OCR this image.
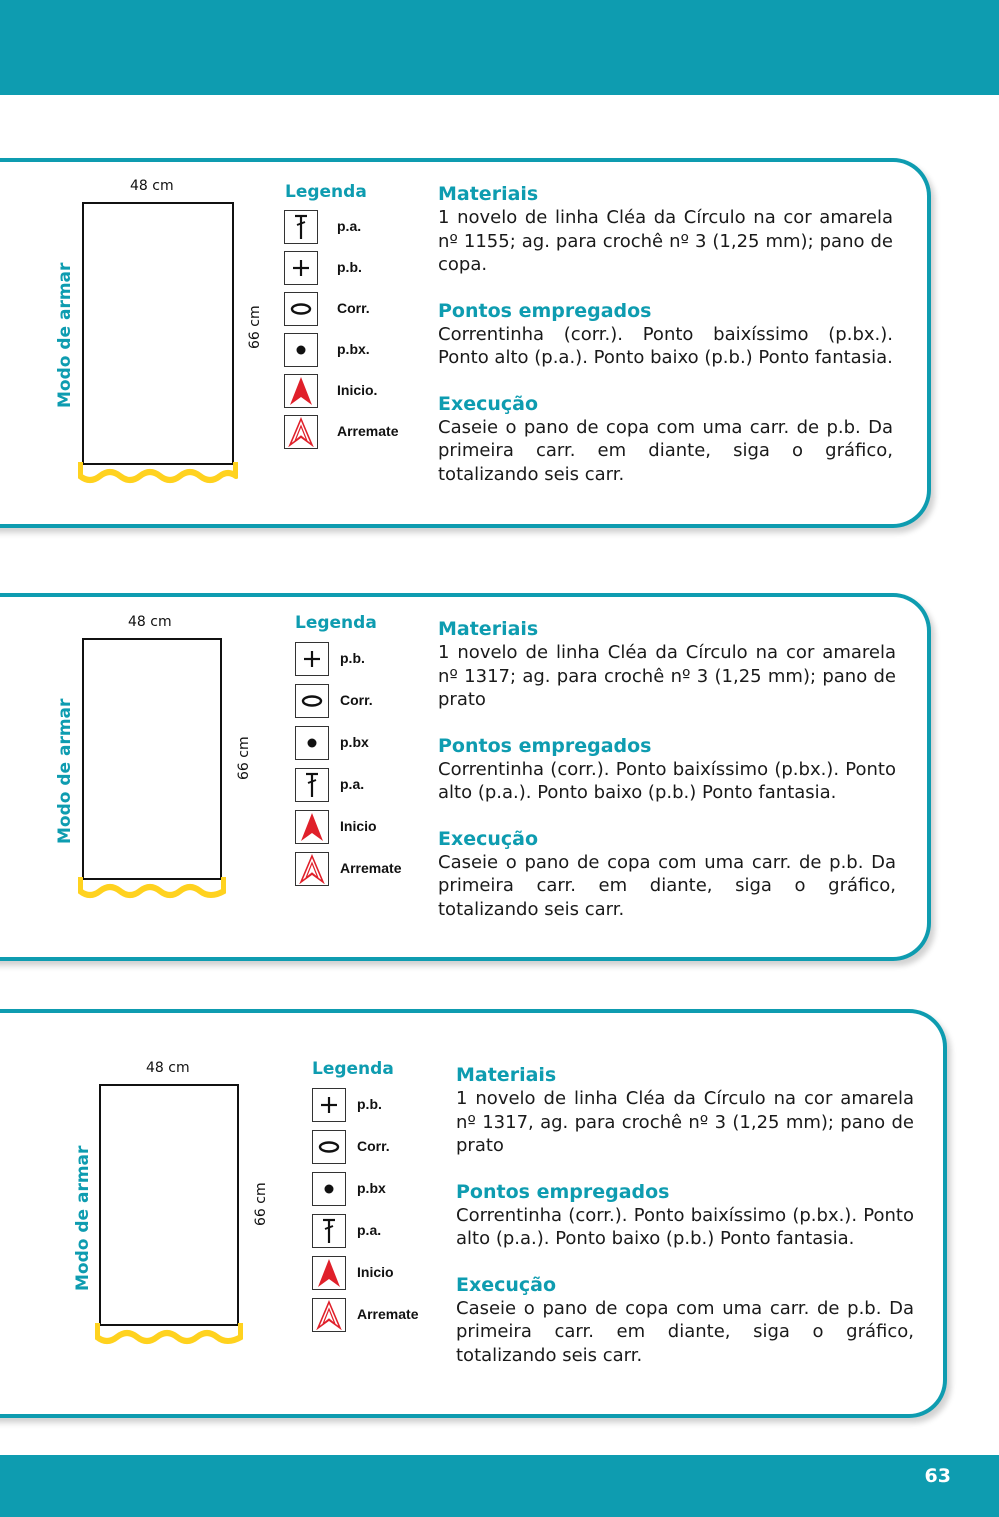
Modo de armar
48 cm
66 cm
Legenda	Materiais

1 novelo de linha Cléa da Círculo na cor amarela nº 1155; ag. para crochê nº 3 (1,25 mm); pano de copa.

Pontos empregados

Correntinha (corr.). Ponto baixíssimo (p.bx.). Ponto alto (p.a.). Ponto baixo (p.b.) Ponto fantasia.

Execução

Caseie o pano de copa com uma carr. de p.b. Da primeira carr. em diante, siga o gráfico, totalizando seis carr.

p.a.
p.b.
Corr.
p.bx.
Inicio.
Arremate
Modo de armar
48 cm
66 cm
Legenda	Materiais

1 novelo de linha Cléa da Círculo na cor amarela nº 1317; ag. para crochê nº 3 (1,25 mm); pano de prato

Pontos empregados

Correntinha (corr.). Ponto baixíssimo (p.bx.). Ponto alto (p.a.). Ponto baixo (p.b.) Ponto fantasia.

Execução

Caseie o pano de copa com uma carr. de p.b. Da primeira carr. em diante, siga o gráfico, totalizando seis carr.

p.b.
Corr.
p.bx
p.a.
Inicio
Arremate
Modo de armar
48 cm
66 cm
Legenda	Materiais

1 novelo de linha Cléa da Círculo na cor amarela nº 1317, ag. para crochê nº 3 (1,25 mm); pano de prato

Pontos empregados

Correntinha (corr.). Ponto baixíssimo (p.bx.). Ponto alto (p.a.). Ponto baixo (p.b.) Ponto fantasia.

Execução

Caseie o pano de copa com uma carr. de p.b. Da primeira carr. em diante, siga o gráfico, totalizando seis carr.

p.b.
Corr.
p.bx
p.a.
Inicio
Arremate
63
